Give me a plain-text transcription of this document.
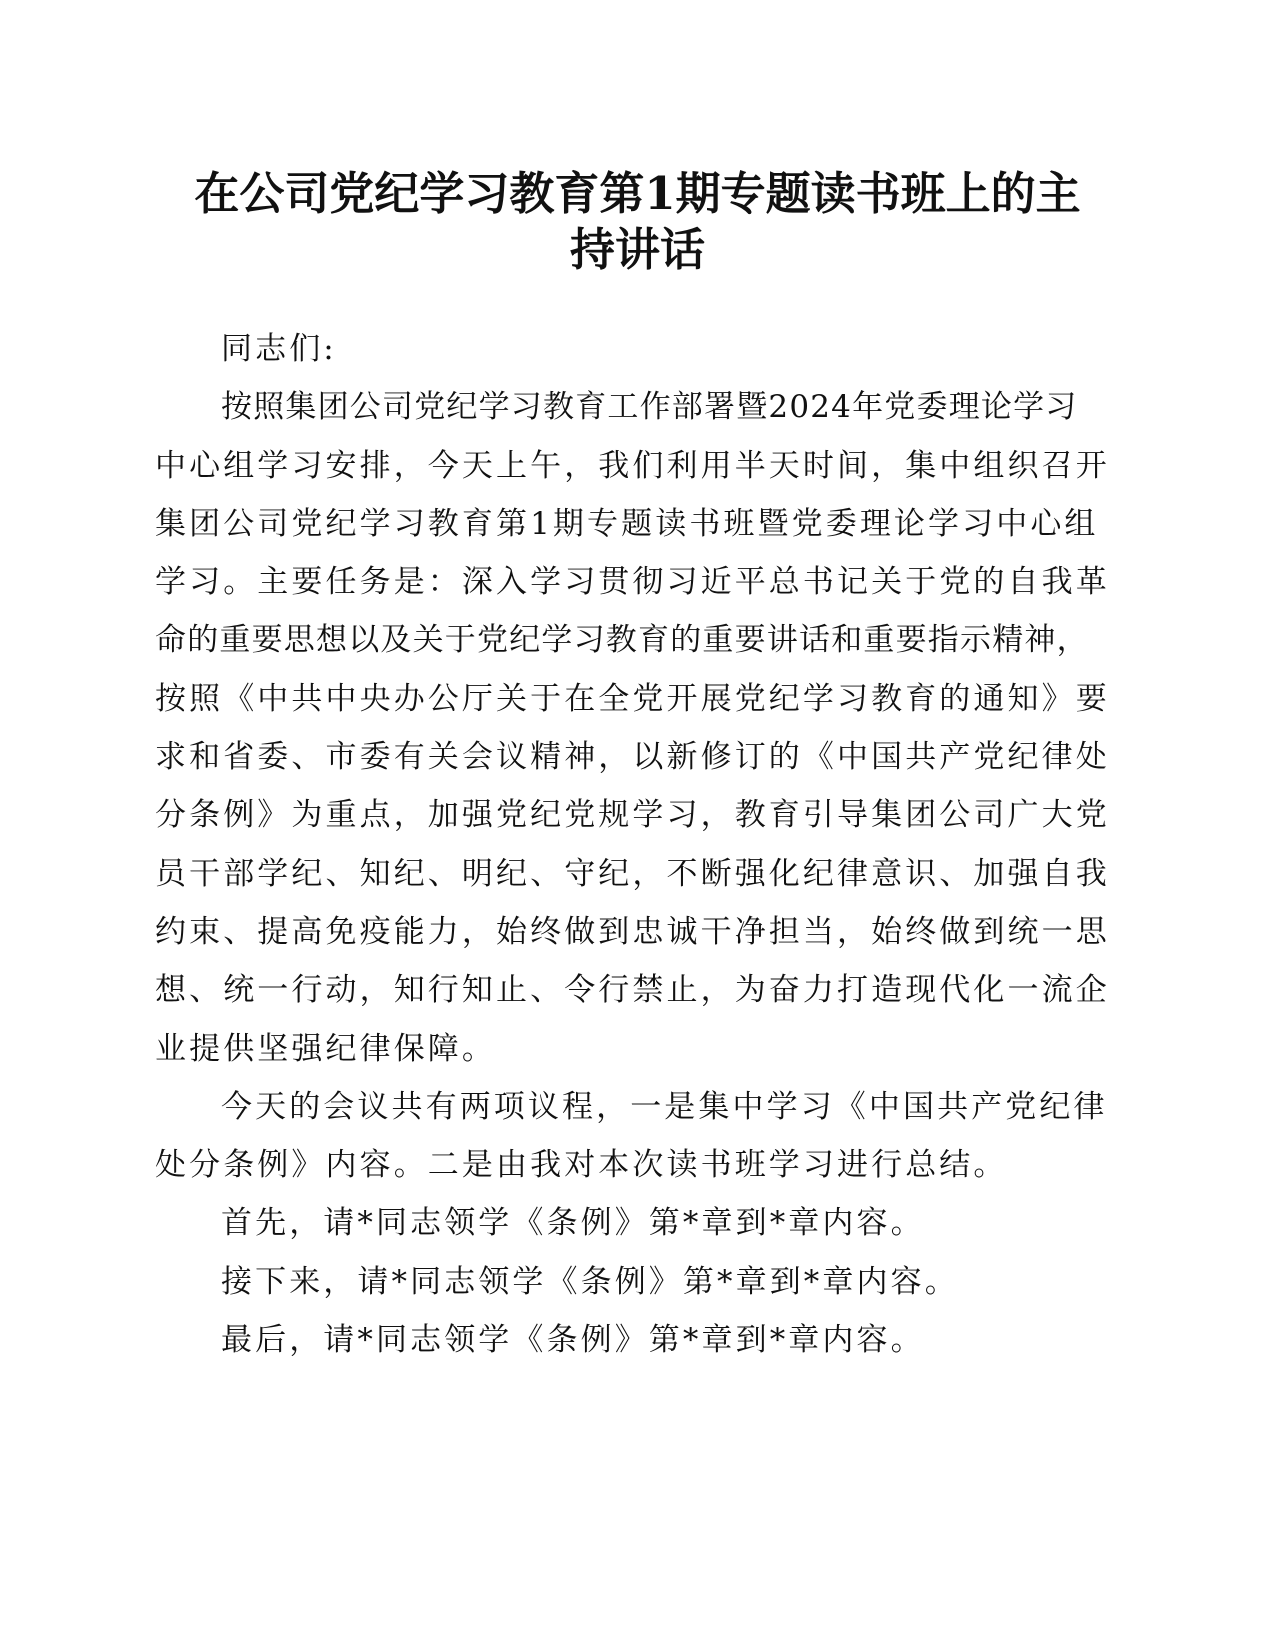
在公司党纪学习教育第1期专题读书班上的主
持讲话
同志们:
按照集团公司党纪学习教育工作部署暨2024年党委理论学习
中心组学习安排，今天上午，我们利用半天时间，集中组织召开
集团公司党纪学习教育第1期专题读书班暨党委理论学习中心组
学习。主要任务是：深入学习贯彻习近平总书记关于党的自我革
命的重要思想以及关于党纪学习教育的重要讲话和重要指示精神，
按照《中共中央办公厅关于在全党开展党纪学习教育的通知》要
求和省委、市委有关会议精神，以新修订的《中国共产党纪律处
分条例》为重点，加强党纪党规学习，教育引导集团公司广大党
员干部学纪、知纪、明纪、守纪，不断强化纪律意识、加强自我
约束、提高免疫能力，始终做到忠诚干净担当，始终做到统一思
想、统一行动，知行知止、令行禁止，为奋力打造现代化一流企
业提供坚强纪律保障。
今天的会议共有两项议程，一是集中学习《中国共产党纪律
处分条例》内容。二是由我对本次读书班学习进行总结。
首先，请*同志领学《条例》第*章到*章内容。
接下来，请*同志领学《条例》第*章到*章内容。
最后，请*同志领学《条例》第*章到*章内容。
